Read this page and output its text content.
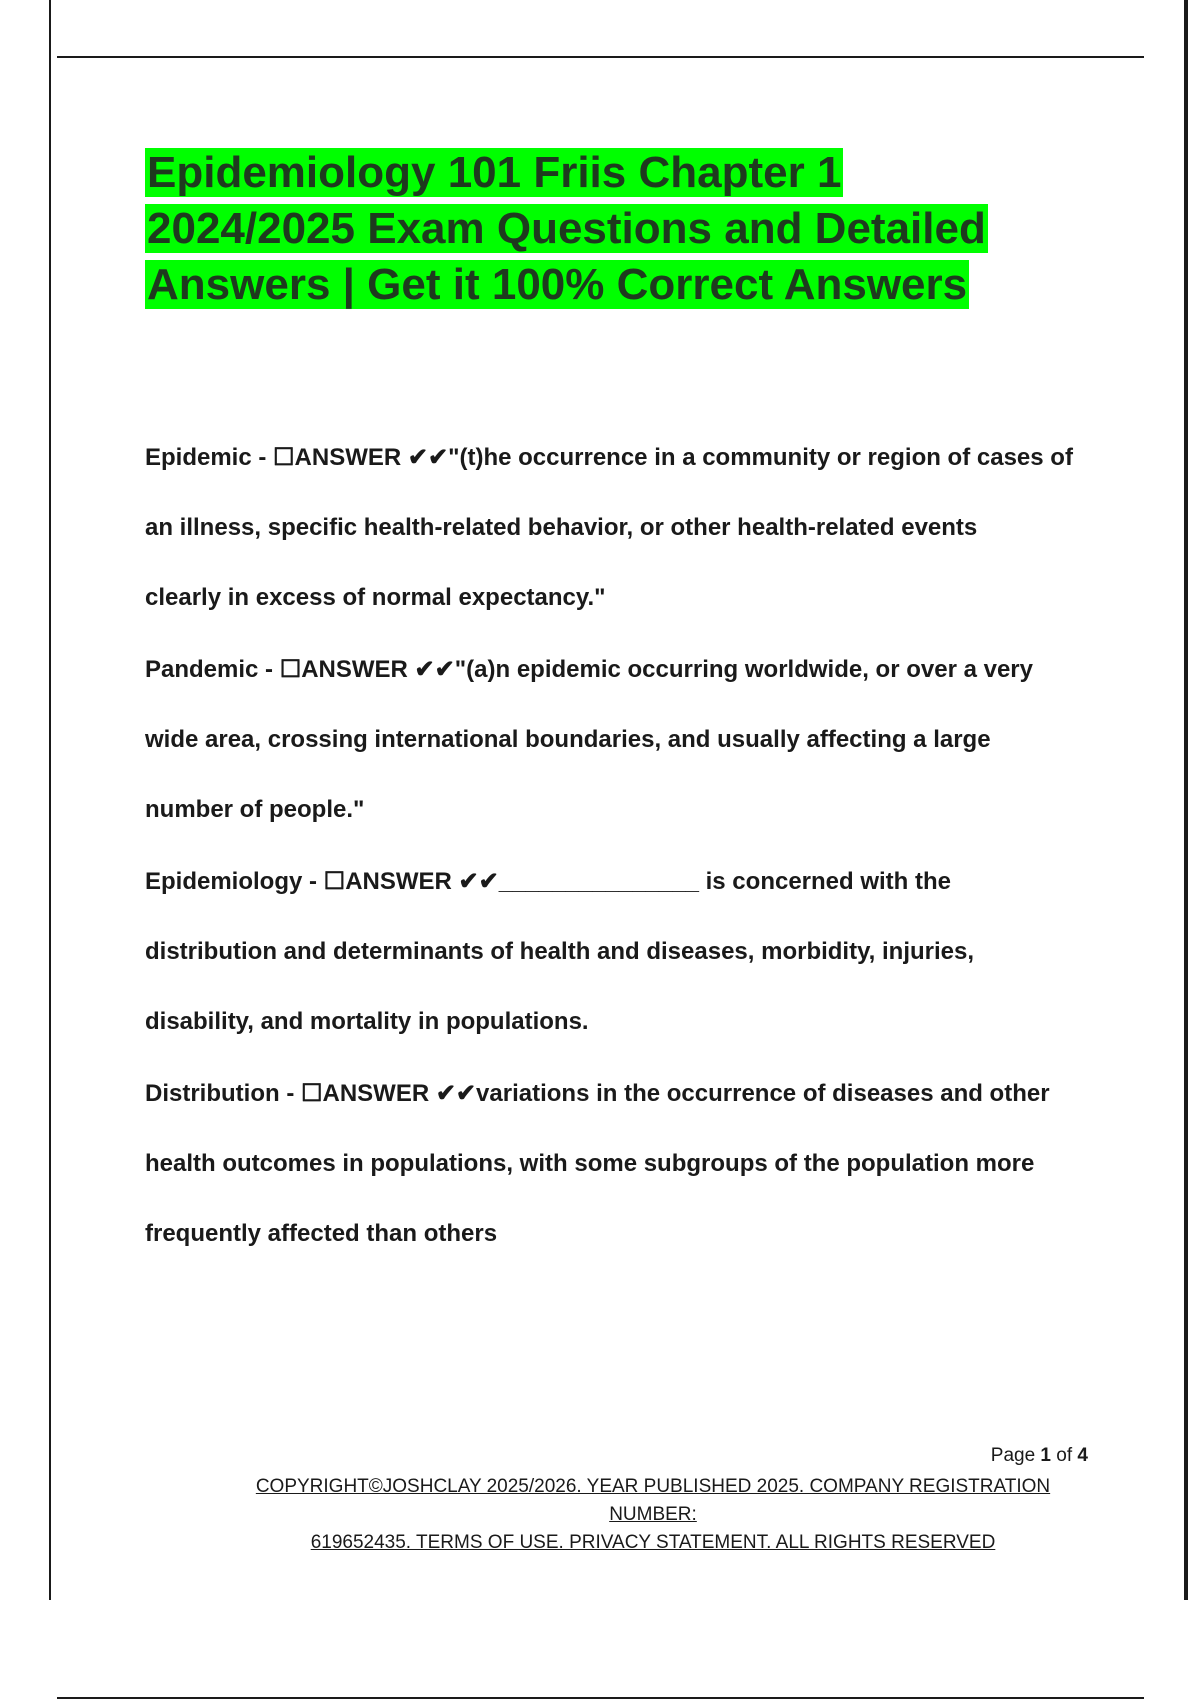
Epidemiology 101 Friis Chapter 1
2024/2025 Exam Questions and Detailed
Answers | Get it 100% Correct Answers
Epidemic - ☐ANSWER ✔✔"(t)he occurrence in a community or region of cases of
an illness, specific health-related behavior, or other health-related events
clearly in excess of normal expectancy."
Pandemic - ☐ANSWER ✔✔"(a)n epidemic occurring worldwide, or over a very
wide area, crossing international boundaries, and usually affecting a large
number of people."
Epidemiology - ☐ANSWER ✔✔_______________ is concerned with the
distribution and determinants of health and diseases, morbidity, injuries,
disability, and mortality in populations.
Distribution - ☐ANSWER ✔✔variations in the occurrence of diseases and other
health outcomes in populations, with some subgroups of the population more
frequently affected than others
Page 1 of 4
COPYRIGHT©JOSHCLAY 2025/2026. YEAR PUBLISHED 2025. COMPANY REGISTRATION NUMBER:
619652435. TERMS OF USE. PRIVACY STATEMENT. ALL RIGHTS RESERVED
